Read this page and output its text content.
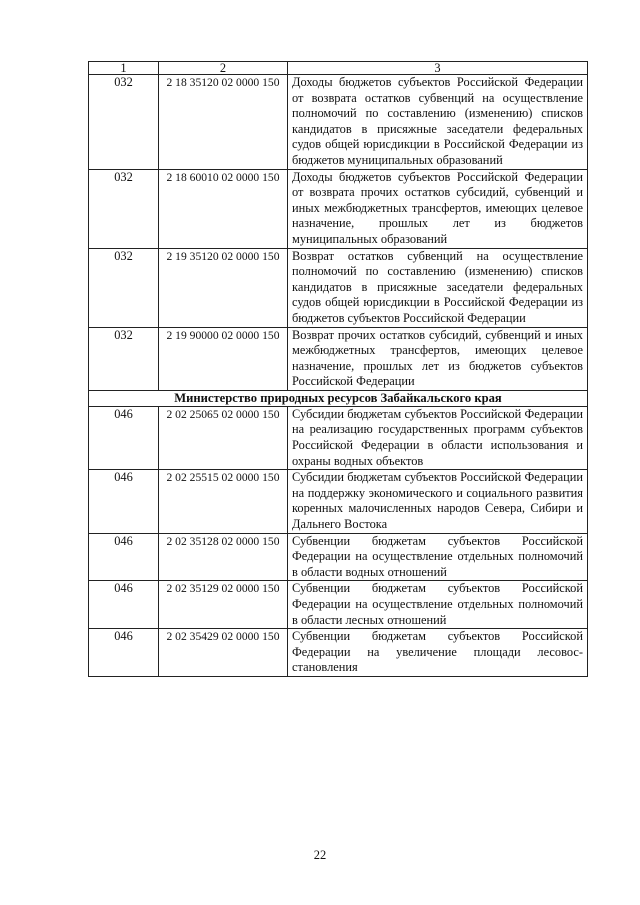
1	2	3
032	2 18 35120 02 0000 150	Доходы бюджетов субъектов Российской Федерации от возврата остатков субвенций на осуществление полномочий по составлению (изменению) списков кандидатов в присяжные заседатели федеральных судов общей юрисдикции в Российской Федерации из бюджетов муниципальных образований
032	2 18 60010 02 0000 150	Доходы бюджетов субъектов Российской Федерации от возврата прочих остатков субсидий, субвенций и иных межбюджетных трансфертов, имеющих целевое назначение, прошлых лет из бюджетов муниципальных образований
032	2 19 35120 02 0000 150	Возврат остатков субвенций на осуществление полномочий по составлению (изменению) списков кандидатов в присяжные заседатели федеральных судов общей юрисдикции в Российской Федерации из бюджетов субъектов Российской Федерации
032	2 19 90000 02 0000 150	Возврат прочих остатков субсидий, субвенций и иных межбюджетных трансфертов, имеющих целевое назначение, прошлых лет из бюджетов субъектов Российской Федерации
Министерство природных ресурсов Забайкальского края		
046	2 02 25065 02 0000 150	Субсидии бюджетам субъектов Российской Федерации на реализацию государственных программ субъектов Российской Федерации в области использования и охраны водных объектов
046	2 02 25515 02 0000 150	Субсидии бюджетам субъектов Российской Федерации на поддержку экономического и социального развития коренных малочисленных народов Севера, Сибири и Дальнего Востока
046	2 02 35128 02 0000 150	Субвенции бюджетам субъектов Российской Федерации на осуществление отдельных полномочий в области водных отношений
046	2 02 35129 02 0000 150	Субвенции бюджетам субъектов Российской Федерации на осуществление отдельных полномочий в области лесных отношений
046	2 02 35429 02 0000 150	Субвенции бюджетам субъектов Российской Федерации на увеличение площади лесовосстановления
22
